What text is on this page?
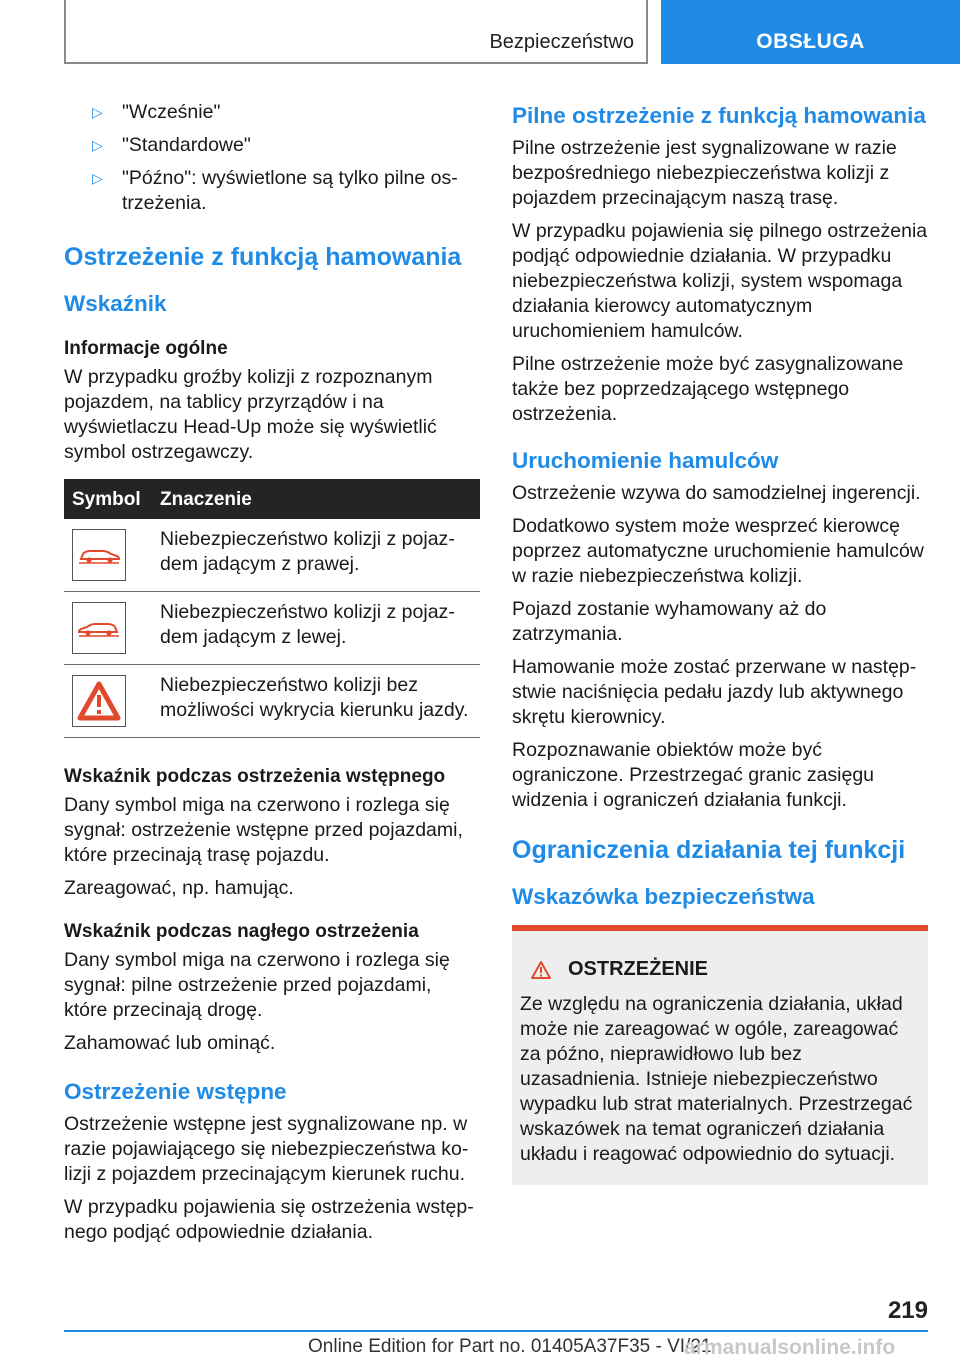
Bezpieczeństwo	OBSŁUGA
▷ "Wcześnie"
▷ "Standardowe"
▷ "Późno": wyświetlone są tylko pilne ostrzeżenia.
Ostrzeżenie z funkcją hamowania
Wskaźnik
Informacje ogólne

W przypadku groźby kolizji z rozpoznanym pojazdem, na tablicy przyrządów i na wyświetlaczu Head-Up może się wyświetlić symbol ostrzegawczy.

Symbol	Znaczenie

	Niebezpieczeństwo kolizji z pojazdem jadącym z prawej.

	Niebezpieczeństwo kolizji z pojazdem jadącym z lewej.

	Niebezpieczeństwo kolizji bez możliwości wykrycia kierunku jazdy.
Wskaźnik podczas ostrzeżenia wstępnego

Dany symbol miga na czerwono i rozlega się sygnał: ostrzeżenie wstępne przed pojazdami, które przecinają trasę pojazdu.

Zareagować, np. hamując.

Wskaźnik podczas nagłego ostrzeżenia

Dany symbol miga na czerwono i rozlega się sygnał: pilne ostrzeżenie przed pojazdami, które przecinają drogę.

Zahamować lub ominąć.

Ostrzeżenie wstępne

Ostrzeżenie wstępne jest sygnalizowane np. w razie pojawiającego się niebezpieczeństwa kolizji z pojazdem przecinającym kierunek ruchu.

W przypadku pojawienia się ostrzeżenia wstępnego podjąć odpowiednie działania.

Pilne ostrzeżenie z funkcją hamowania

Pilne ostrzeżenie jest sygnalizowane w razie bezpośredniego niebezpieczeństwa kolizji z pojazdem przecinającym naszą trasę.

W przypadku pojawienia się pilnego ostrzeżenia podjąć odpowiednie działania. W przypadku niebezpieczeństwa kolizji, system wspomaga działania kierowcy automatycznym uruchomieniem hamulców.

Pilne ostrzeżenie może być zasygnalizowane także bez poprzedzającego wstępnego ostrzeżenia.

Uruchomienie hamulców

Ostrzeżenie wzywa do samodzielnej ingerencji.

Dodatkowo system może wesprzeć kierowcę poprzez automatyczne uruchomienie hamulców w razie niebezpieczeństwa kolizji.

Pojazd zostanie wyhamowany aż do zatrzymania.

Hamowanie może zostać przerwane w następstwie naciśnięcia pedału jazdy lub aktywnego skrętu kierownicy.

Rozpoznawanie obiektów może być ograniczone. Przestrzegać granic zasięgu widzenia i ograniczeń działania funkcji.

Ograniczenia działania tej funkcji
Wskazówka bezpieczeństwa
OSTRZEŻENIE

Ze względu na ograniczenia działania, układ może nie zareagować w ogóle, zareagować za późno, nieprawidłowo lub bez uzasadnienia. Istnieje niebezpieczeństwo wypadku lub strat materialnych. Przestrzegać wskazówek na temat ograniczeń działania układu i reagować odpowiednio do sytuacji.

219
Online Edition for Part no. 01405A37F35 - VI/21
armanualsonline.info
